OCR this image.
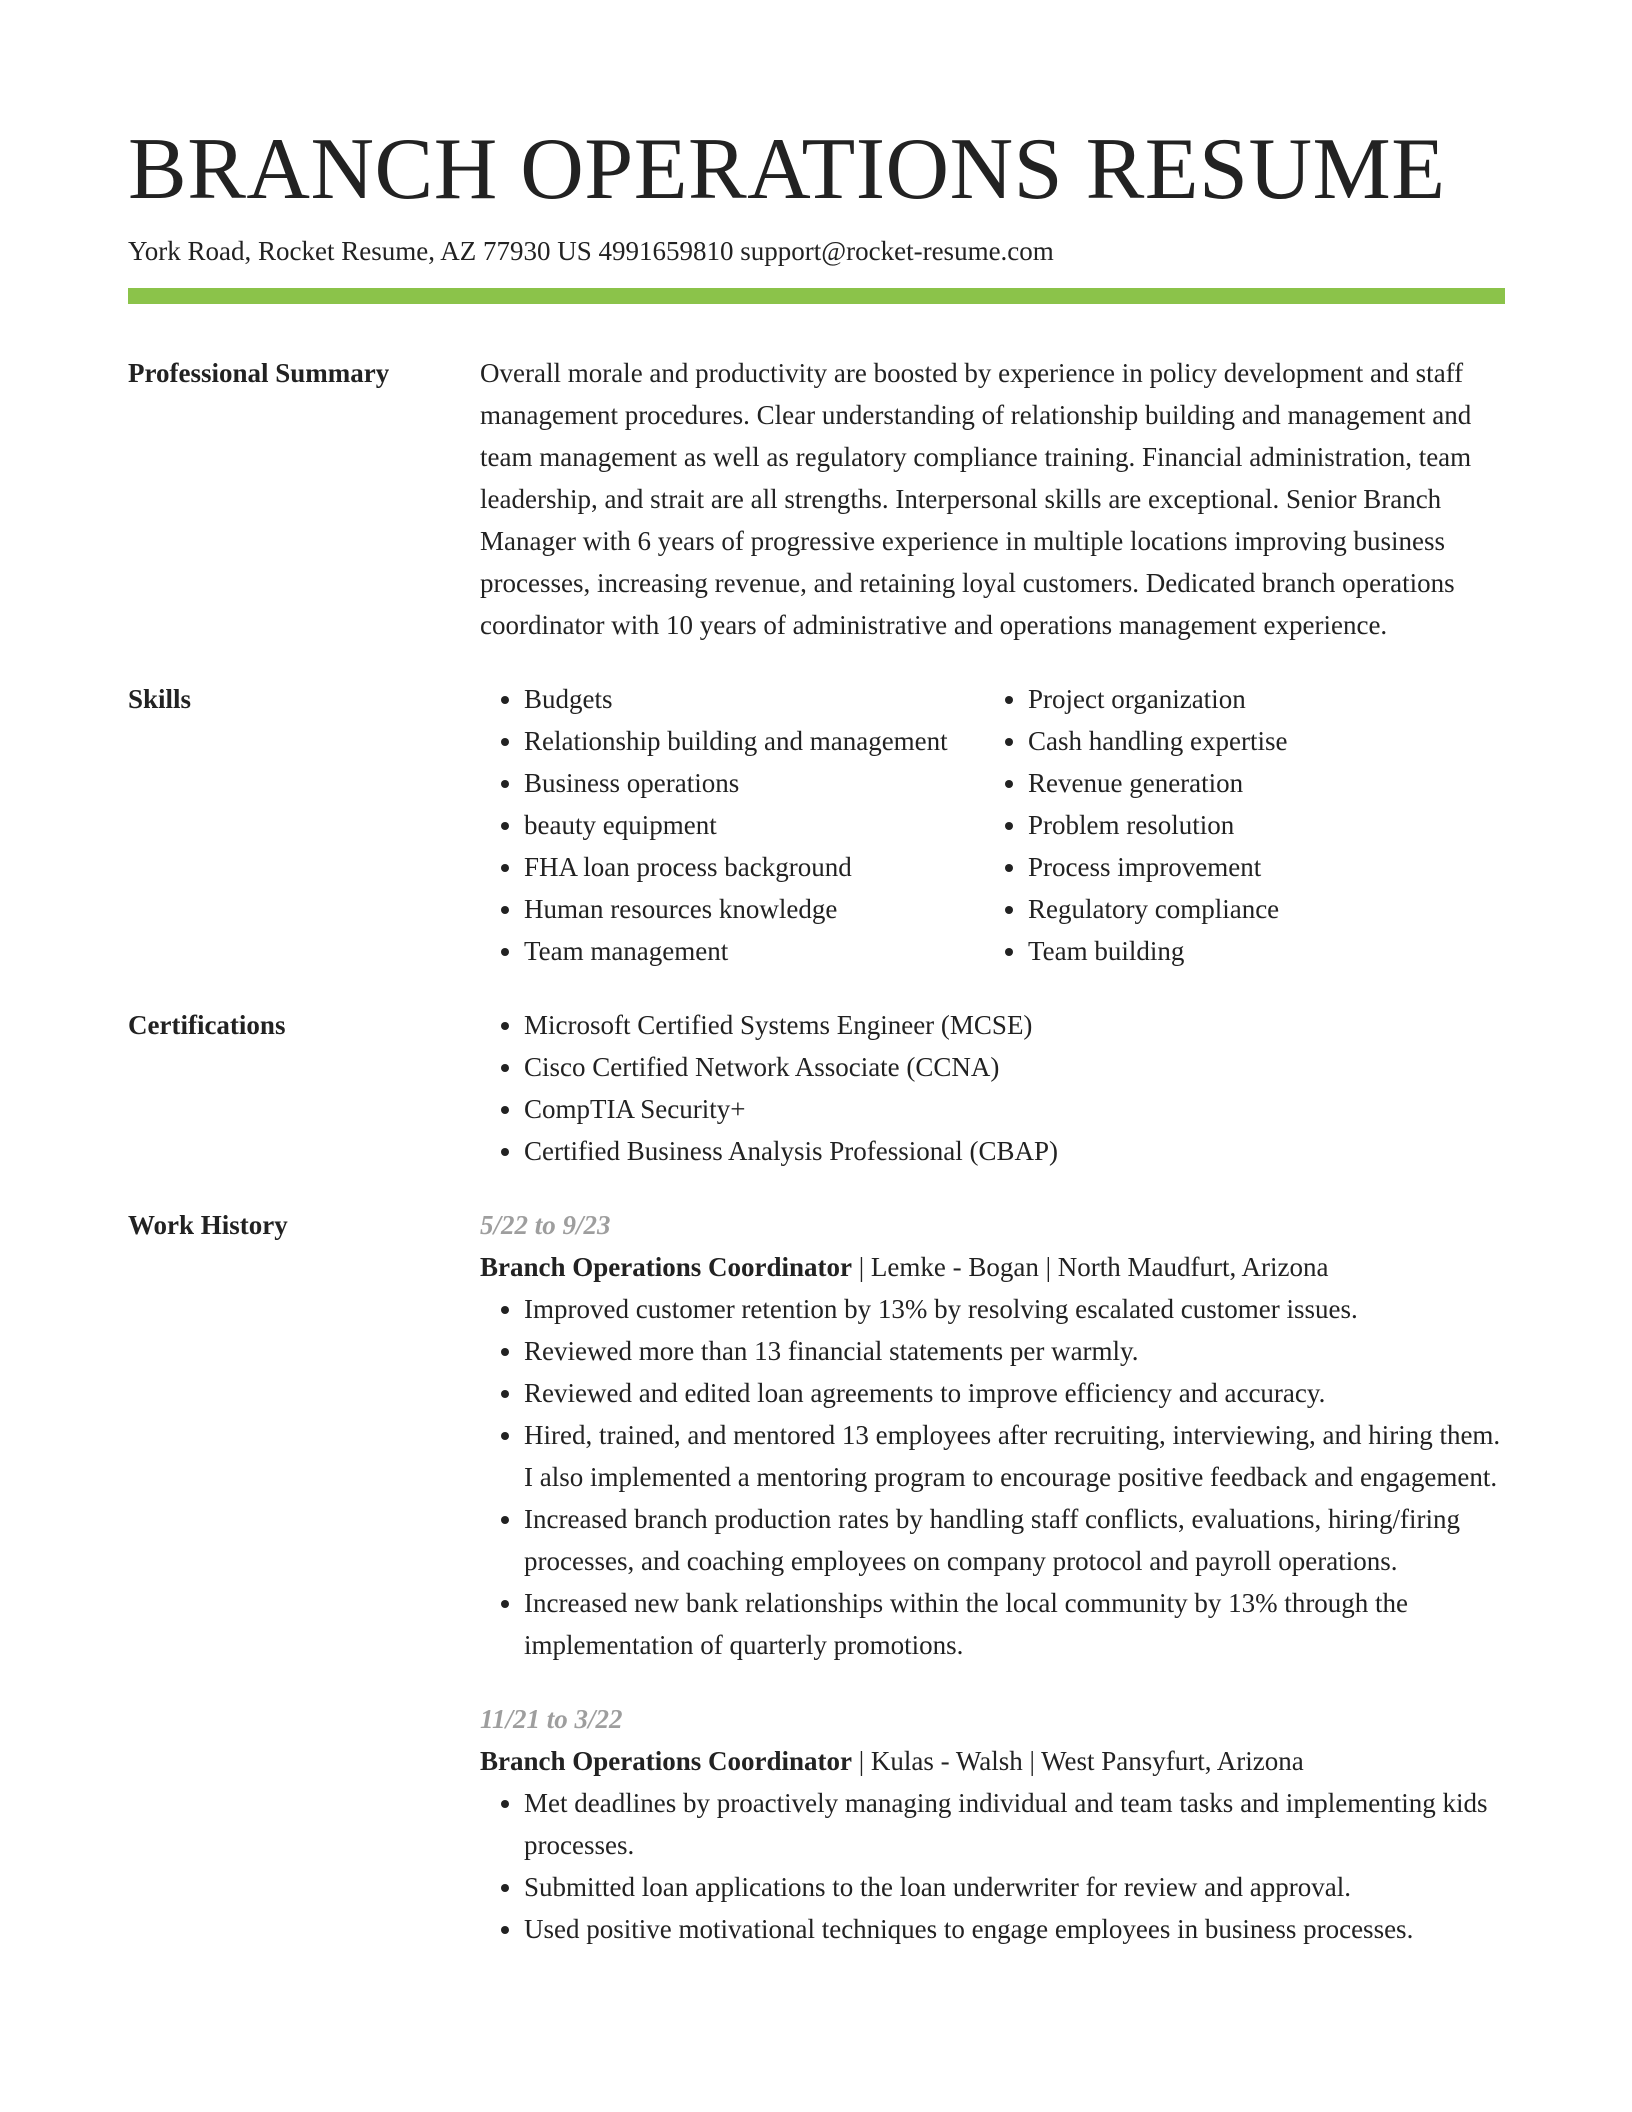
BRANCH OPERATIONS RESUME
York Road, Rocket Resume, AZ 77930 US 4991659810 support@rocket-resume.com
Professional Summary	Overall morale and productivity are boosted by experience in policy development and staff management procedures. Clear understanding of relationship building and management and team management as well as regulatory compliance training. Financial administration, team leadership, and strait are all strengths. Interpersonal skills are exceptional. Senior Branch Manager with 6 years of progressive experience in multiple locations improving business processes, increasing revenue, and retaining loyal customers. Dedicated branch operations coordinator with 10 years of administrative and operations management experience.

Skills	• Budgets
• Relationship building and management
• Business operations
• beauty equipment
• FHA loan process background
• Human resources knowledge
• Team management
• Project organization
• Cash handling expertise
• Revenue generation
• Problem resolution
• Process improvement
• Regulatory compliance
• Team building
Certifications	• Microsoft Certified Systems Engineer (MCSE)
• Cisco Certified Network Associate (CCNA)
• CompTIA Security+
• Certified Business Analysis Professional (CBAP)
Work History	5/22 to 9/23
Branch Operations Coordinator | Lemke - Bogan | North Maudfurt, Arizona
• Improved customer retention by 13% by resolving escalated customer issues.
• Reviewed more than 13 financial statements per warmly.
• Reviewed and edited loan agreements to improve efficiency and accuracy.
• Hired, trained, and mentored 13 employees after recruiting, interviewing, and hiring them. I also implemented a mentoring program to encourage positive feedback and engagement.
• Increased branch production rates by handling staff conflicts, evaluations, hiring/firing processes, and coaching employees on company protocol and payroll operations.
• Increased new bank relationships within the local community by 13% through the implementation of quarterly promotions.
11/21 to 3/22
Branch Operations Coordinator | Kulas - Walsh | West Pansyfurt, Arizona
• Met deadlines by proactively managing individual and team tasks and implementing kids processes.
• Submitted loan applications to the loan underwriter for review and approval.
• Used positive motivational techniques to engage employees in business processes.
